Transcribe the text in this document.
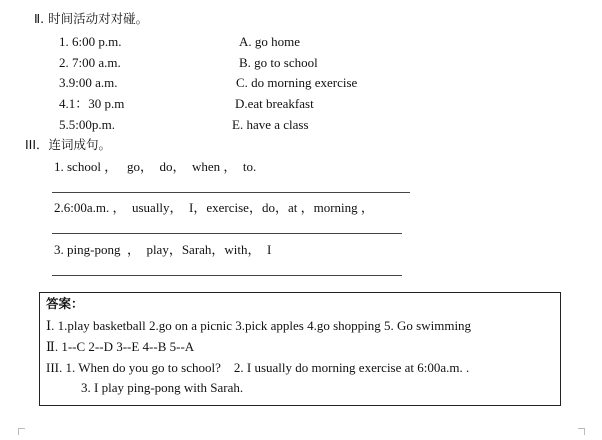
Ⅱ. 时间活动对对碰。
1. 6:00 p.m.
2. 7:00 a.m.
3.9:00 a.m.
4.1：30 p.m
5.5:00p.m.
A. go home
B. go to school
C. do morning exercise
D.eat breakfast
E. have a class
III．连词成句。
1. school ，   go，  do，  when ，  to.
2.6:00a.m. ，  usually，  I，exercise，do，at ，morning ，
3. ping-pong  ，  play，Sarah，with，  I
答案：
Ⅰ. 1.play basketball 2.go on a picnic 3.pick apples 4.go shopping 5. Go swimming
Ⅱ. 1--C 2--D 3--E 4--B 5--A
III. 1. When do you go to school?    2. I usually do morning exercise at 6:00a.m. .
3. I play ping-pong with Sarah.
